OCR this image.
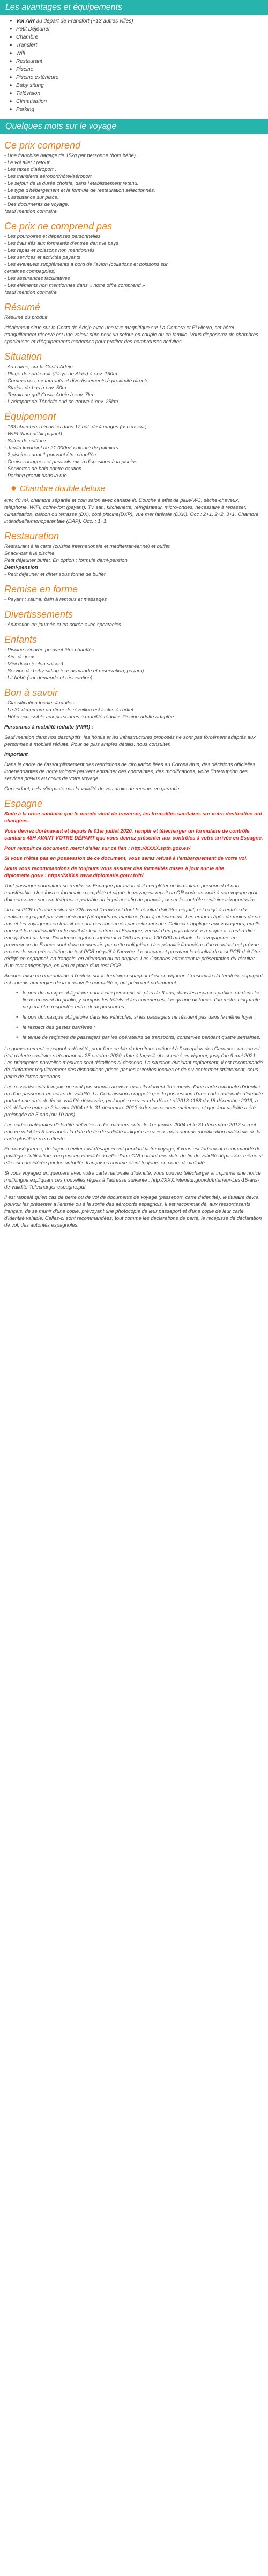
Les avantages et équipements
• Vol A/R au départ de Francfort (+13 autres villes)
• Petit Déjeuner
• Chambre
• Transfert
• Wifi
• Restaurant
• Piscine
• Piscine extérieure
• Baby sitting
• Télévision
• Climatisation
• Parking
Quelques mots sur le voyage
Ce prix comprend

- Une franchise bagage de 15kg par personne (hors bébé) .

- Le vol aller / retour .

- Les taxes d'aéroport .

- Les transferts aéroport/hôtel/aéroport.

- Le séjour de la durée choisie, dans l'établissement retenu.

- Le type d'hébergement et la formule de restauration sélectionnés.

- L'assistance sur place.

- Des documents de voyage.

*sauf mention contraire

Ce prix ne comprend pas

- Les pourboires et dépenses personnelles

- Les frais liés aux formalités d'entrée dans le pays

- Les repas et boissons non mentionnés

- Les services et activités payants

- Les éventuels suppléments à bord de l'avion (collations et boissons sur

certaines compagnies)

- Les assurances facultatives

- Les éléments non mentionnés dans « notre offre comprend »

*sauf mention contraire

Résumé

Résumé du produit

Idéalement situé sur la Costa de Adeje avec une vue magnifique sur La Gomera et El Hierro, cet hôtel tranquillement réservé est une valeur sûre pour un séjour en couple ou en famille. Vous disposerez de chambres spacieuses et d'équipements modernes pour profiter des nombreuses activités.

Situation

- Au calme, sur la Costa Adeje

- Plage de sable noir (Playa de Alaja) à env. 150m

- Commerces, restaurants et divertissements à proximité directe

- Station de bus à env. 50m

- Terrain de golf Costa Adeje à env. 7km

- L'aéroport de Ténérife sud se trouve à env. 25km

Équipement

- 163 chambres réparties dans 17 bât. de 4 étages (ascenseur)

- WIFI (haut débit payant)

- Salon de coiffure

- Jardin luxuriant de 21 000m² entouré de palmiers

- 2 piscines dont 1 pouvant être chauffée

- Chaises longues et parasols mis à disposition à la piscine

- Serviettes de bain contre caution

- Parking gratuit dans la rue

● Chambre double deluxe

env. 40 m², chambre séparée et coin salon avec canapé lit. Douche à effet de pluie/WC, sèche-cheveux, téléphone, WIFI, coffre-fort (payant), TV sat., kitchenette, réfrigérateur, micro-ondes, nécessaire à repasser, climatisation, balcon ou terrasse (DX), côté piscine(DXP), vue mer latérale (DXK). Occ : 2+1, 2+2, 3+1. Chambre individuelle/monoparentale (DAP). Occ. : 1+1.

Restauration

Restaurant à la carte (cuisine internationale et méditerranéenne) et buffet.

Snack-bar à la piscine.

Petit déjeuner buffet. En option : formule demi-pension

Demi-pension

- Petit déjeuner et dîner sous forme de buffet

Remise en forme

- Payant : sauna, bain à remous et massages

Divertissements

- Animation en journée et en soirée avec spectacles

Enfants

- Piscine séparée pouvant être chauffée

- Aire de jeux

- Mini disco (selon saison)

- Service de baby-sitting (sur demande et réservation, payant)

- Lit bébé (sur demande et réservation)

Bon à savoir

- Classification locale: 4 étoiles

- Le 31 décembre un dîner de réveillon est inclus à l'hôtel

- Hôtel accessible aux personnes à mobilité réduite. Piscine adulte adaptée

Personnes à mobilité réduite (PMR) :

Sauf mention dans nos descriptifs, les hôtels et les infrastructures proposés ne sont pas forcément adaptés aux personnes à mobilité réduite. Pour de plus amples détails, nous consulter.

Important

Dans le cadre de l'assouplissement des restrictions de circulation liées au Coronavirus, des décisions officielles indépendantes de notre volonté peuvent entraîner des contraintes, des modifications, voire l'interruption des services prévus au cours de votre voyage.

Cependant, cela n'impacte pas la validité de vos droits de recours en garantie.

Espagne

Suite à la crise sanitaire que le monde vient de traverser, les formalités sanitaires sur votre destination ont changées.

Vous devrez dorénavant et depuis le 01er juillet 2020, remplir et télécharger un formulaire de contrôle sanitaire 48H AVANT VOTRE DÉPART que vous devrez présenter aux contrôles à votre arrivée en Espagne.

Pour remplir ce document, merci d'aller sur ce lien : http://XXXX.spth.gob.es/

Si vous n'êtes pas en possession de ce document, vous serez refusé à l'embarquement de votre vol.

Nous vous recommandons de toujours vous assurer des formalités mises à jour sur le site diplomatie.gouv : https://XXXX.www.diplomatie.gouv.fr/fr/

Tout passager souhaitant se rendre en Espagne par avion doit compléter un formulaire personnel et non transférable. Une fois ce formulaire complété et signé, le voyageur reçoit un QR code associé à son voyage qu'il doit conserver sur son téléphone portable ou imprimer afin de pouvoir passer le contrôle sanitaire aéroportuaire.

Un test PCR effectué moins de 72h avant l'arrivée et dont le résultat doit être négatif, est exigé à l'entrée du territoire espagnol par voie aérienne (aéroports ou maritime (ports) uniquement. Les enfants âgés de moins de six ans et les voyageurs en transit ne sont pas concernés par cette mesure. Celle-ci s'applique aux voyageurs, quelle que soit leur nationalité et le motif de leur entrée en Espagne, venant d'un pays classé « à risque », c'est-à-dire enregistrant un taux d'incidence égal ou supérieur à 150 cas pour 100 000 habitants. Les voyageurs en provenance de France sont donc concernés par cette obligation. Une pénalité financière d'un montant est prévue en cas de non présentation du test PCR négatif à l'arrivée. Le document prouvant le résultat du test PCR doit être rédigé en espagnol, en français, en allemand ou en anglais. Les Canaries admettent la présentation du résultat d'un test antigénique, en lieu et place d'un test PCR.

Aucune mise en quarantaine à l'entrée sur le territoire espagnol n'est en vigueur. L'ensemble du territoire espagnol est soumis aux règles de la « nouvelle normalité », qui prévoient notamment :

• le port du masque obligatoire pour toute personne de plus de 6 ans, dans les espaces publics ou dans les lieux recevant du public, y compris les hôtels et les commerces, lorsqu'une distance d'un mètre cinquante ne peut être respectée entre deux personnes ;
• le port du masque obligatoire dans les véhicules, si les passagers ne résident pas dans le même foyer ;
• le respect des gestes barrières ;
• la tenue de registres de passagers par les opérateurs de transports, conservés pendant quatre semaines.

Le gouvernement espagnol a décrété, pour l'ensemble du territoire national à l'exception des Canaries, un nouvel état d'alerte sanitaire s'étendant du 25 octobre 2020, date à laquelle il est entré en vigueur, jusqu'au 9 mai 2021. Les principales nouvelles mesures sont détaillées ci-dessous. La situation évoluant rapidement, il est recommandé de s'informer régulièrement des dispositions prises par les autorités locales et de s'y conformer strictement, sous peine de fortes amendes.

Les ressortissants français ne sont pas soumis au visa, mais ils doivent être munis d'une carte nationale d'identité ou d'un passeport en cours de validité. La Commission a rappelé que la possession d'une carte nationale d'identité portant une date de fin de validité dépassée, prolongée en vertu du décret n°2013-1188 du 18 décembre 2013, a été délivrée entre le 2 janvier 2004 et le 31 décembre 2013 à des personnes majeures, et que leur validité a été prolongée de 5 ans (ou 10 ans).

Les cartes nationales d'identité délivrées à des mineurs entre le 1er janvier 2004 et le 31 décembre 2013 seront encore valables 5 ans après la date de fin de validité indiquée au verso, mais aucune modification matérielle de la carte plastifiée n'en atteste.

En conséquence, de façon à éviter tout désagrément pendant votre voyage, il vous est fortement recommandé de privilégier l'utilisation d'un passeport valide à celle d'une CNI portant une date de fin de validité dépassée, même si elle est considérée par les autorités françaises comme étant toujours en cours de validité.

Si vous voyagez uniquement avec votre carte nationale d'identité, vous pouvez télécharger et imprimer une notice multilingue expliquant ces nouvelles règles à l'adresse suivante : http://XXX.interieur.gouv.fr/Interieur-Les-15-ans-de-validite-Telecharger-espagne.pdf.

Il est rappelé qu'en cas de perte ou de vol de documents de voyage (passeport, carte d'identité), le titulaire devra pouvoir les présenter à l'entrée ou à la sortie des aéroports espagnols. Il est recommandé, aux ressortissants français, de se munir d'une copie, prévoyant une photocopie de leur passeport et d'une copie de leur carte d'identité valable. Celles-ci sont recommandées, tout comme les déclarations de perte, le récépissé de déclaration de vol, des autorités espagnoles.
